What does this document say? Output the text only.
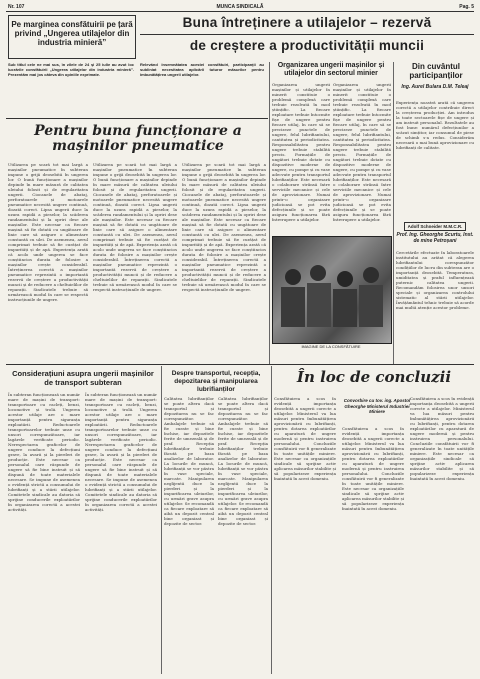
Nr. 107	MUNCA SINDICALĂ	Pag. 5
Pe marginea consfătuirii pe țară privind „Ungerea utilajelor din industria minieră”
Buna întreținere a utilajelor – rezervă
de creștere a productivității muncii
Sub titlul cele ne mai sus, în zilele de 24 și 25 iulie au avut loc lucrările consfătuirii „Ungerea utilajelor din industria minieră”. Prezentăm mai jos câteva din opiniile exprimate.
Relevând însemnătatea acestei consfătuiri, participanții au subliniat necesitatea aplicării tuturor măsurilor pentru îmbunătățirea ungerii utilajelor.
Pentru buna funcționare a mașinilor pneumatice
Utilizarea pe scară tot mai largă a mașinilor pneumatice în subteran impune o grijă deosebită în ungerea lor. O bună funcționare a mașinilor depinde în mare măsură de calitatea uleiului folosit și de regularitatea ungerii. Ciocanele de abataj, perforatoarele și motoarele pneumatice necesită ungere continuă, dozată corect. Lipsa ungerii duce la uzura rapidă a pieselor, la scăderea randamentului și la opriri dese ale mașinilor. Este necesar ca fiecare mașină să fie dotată cu ungătoare de linie care să asigure o alimentare constantă cu ulei. De asemenea, aerul comprimat trebuie să fie curățat de impurități și de apă. Experiența arată că acolo unde ungerea se face conștiincios durata de folosire a mașinilor crește considerabil. Întreținerea corectă a mașinilor pneumatice reprezintă o importantă rezervă de creștere a productivității muncii și de reducere a cheltuielilor de reparații. Sindicatele trebuie să urmărească modul în care se respectă instrucțiunile de ungere.
Utilizarea pe scară tot mai largă a mașinilor pneumatice în subteran impune o grijă deosebită în ungerea lor. O bună funcționare a mașinilor depinde în mare măsură de calitatea uleiului folosit și de regularitatea ungerii. Ciocanele de abataj, perforatoarele și motoarele pneumatice necesită ungere continuă, dozată corect. Lipsa ungerii duce la uzura rapidă a pieselor, la scăderea randamentului și la opriri dese ale mașinilor. Este necesar ca fiecare mașină să fie dotată cu ungătoare de linie care să asigure o alimentare constantă cu ulei. De asemenea, aerul comprimat trebuie să fie curățat de impurități și de apă. Experiența arată că acolo unde ungerea se face conștiincios durata de folosire a mașinilor crește considerabil. Întreținerea corectă a mașinilor pneumatice reprezintă o importantă rezervă de creștere a productivității muncii și de reducere a cheltuielilor de reparații. Sindicatele trebuie să urmărească modul în care se respectă instrucțiunile de ungere.
Utilizarea pe scară tot mai largă a mașinilor pneumatice în subteran impune o grijă deosebită în ungerea lor. O bună funcționare a mașinilor depinde în mare măsură de calitatea uleiului folosit și de regularitatea ungerii. Ciocanele de abataj, perforatoarele și motoarele pneumatice necesită ungere continuă, dozată corect. Lipsa ungerii duce la uzura rapidă a pieselor, la scăderea randamentului și la opriri dese ale mașinilor. Este necesar ca fiecare mașină să fie dotată cu ungătoare de linie care să asigure o alimentare constantă cu ulei. De asemenea, aerul comprimat trebuie să fie curățat de impurități și de apă. Experiența arată că acolo unde ungerea se face conștiincios durata de folosire a mașinilor crește considerabil. Întreținerea corectă a mașinilor pneumatice reprezintă o importantă rezervă de creștere a productivității muncii și de reducere a cheltuielilor de reparații. Sindicatele trebuie să urmărească modul în care se respectă instrucțiunile de ungere.
Considerațiuni asupra ungerii mașinilor de transport subteran
În subteran funcționează un număr mare de mașini de transport: transportoare cu racleți, benzi, locomotive și trolii. Ungerea acestor utilaje are o mare importanță pentru siguranța exploatării. Reductoarele transportoarelor trebuie unse cu unsori corespunzătoare, iar lagărele verificate periodic. Nerespectarea graficelor de ungere conduce la defecțiuni grave, la avarii și la pierderi de producție. Este necesar ca personalul care răspunde de ungere să fie bine instruit și să dispună de toate materialele necesare. Se impune de asemenea o evidență strictă a consumului de lubrifianți și a stării utilajelor. Comitetele sindicale au datoria să sprijine conducerile exploatărilor în organizarea corectă a acestei activități.
În subteran funcționează un număr mare de mașini de transport: transportoare cu racleți, benzi, locomotive și trolii. Ungerea acestor utilaje are o mare importanță pentru siguranța exploatării. Reductoarele transportoarelor trebuie unse cu unsori corespunzătoare, iar lagărele verificate periodic. Nerespectarea graficelor de ungere conduce la defecțiuni grave, la avarii și la pierderi de producție. Este necesar ca personalul care răspunde de ungere să fie bine instruit și să dispună de toate materialele necesare. Se impune de asemenea o evidență strictă a consumului de lubrifianți și a stării utilajelor. Comitetele sindicale au datoria să sprijine conducerile exploatărilor în organizarea corectă a acestei activități.
Organizarea ungerii mașinilor și utilajelor din sectorul minier
Organizarea ungerii mașinilor și utilajelor în minerit constituie o problemă complexă care trebuie rezolvată în mod științific. La fiecare exploatare trebuie întocmite fișe de ungere pentru fiecare utilaj, în care să se precizeze punctele de ungere, felul lubrifiantului, cantitatea și periodicitatea. Responsabilitatea pentru ungere trebuie stabilită precis. Formațiile de ungători trebuie dotate cu dispozitive moderne de ungere, cu pompe și cu vase adecvate pentru transportul lubrifianților. Este necesară o colaborare strânsă între serviciile mecanice și cele de aprovizionare. Numai printr-o organizare judicioasă se pot evita defecțiunile și se poate asigura funcționarea fără întrerupere a utilajelor.
Organizarea ungerii mașinilor și utilajelor în minerit constituie o problemă complexă care trebuie rezolvată în mod științific. La fiecare exploatare trebuie întocmite fișe de ungere pentru fiecare utilaj, în care să se precizeze punctele de ungere, felul lubrifiantului, cantitatea și periodicitatea. Responsabilitatea pentru ungere trebuie stabilită precis. Formațiile de ungători trebuie dotate cu dispozitive moderne de ungere, cu pompe și cu vase adecvate pentru transportul lubrifianților. Este necesară o colaborare strânsă între serviciile mecanice și cele de aprovizionare. Numai printr-o organizare judicioasă se pot evita defecțiunile și se poate asigura funcționarea fără întrerupere a utilajelor.
IMAGINE DE LA CONSFĂTUIRE
Din cuvântul participanților
Ing. Aurel Bulara D.M. Teleaj
Experiența noastră arată că ungerea corectă a utilajelor contribuie direct la creșterea producției. Am introdus la toate sectoarele fișe de ungere și am instruit personalul. Rezultatele au fost bune: numărul defecțiunilor a scăzut simțitor, iar consumul de piese de schimb s-a redus. Considerăm necesară o mai bună aprovizionare cu lubrifianți de calitate.
Adolf Schneider M.M.C.R.
Prof. Ing. Gheorghe Scurtu, Inst. de mine Petroșani
Cercetările efectuate în laboratoarele institutului au arătat că alegerea lubrifiantului corespunzător condițiilor de lucru din subteran are o importanță deosebită. Temperatura, umiditatea și praful influențează puternic calitatea ungerii. Recomandăm folosirea unor unsori speciale și organizarea controlului sistematic al stării utilajelor. Învățământul tehnic trebuie să acorde mai multă atenție acestor probleme.
Despre transportul, recepția, depozitarea și manipularea lubrifianților
Calitatea lubrifianților se poate altera dacă transportul și depozitarea nu se fac corespunzător. Ambalajele trebuie să fie curate și bine închise, iar depozitele ferite de umezeală și de praf. Recepția lubrifianților trebuie făcută pe baza analizelor de laborator. La locurile de muncă, lubrifianții se vor păstra în vase speciale, marcate. Manipularea neglijentă duce la pierderi și la impurificarea uleiurilor, cu urmări grave asupra utilajelor. Se recomandă ca fiecare exploatare să aibă un depozit central bine organizat și depozite de sector.
Calitatea lubrifianților se poate altera dacă transportul și depozitarea nu se fac corespunzător. Ambalajele trebuie să fie curate și bine închise, iar depozitele ferite de umezeală și de praf. Recepția lubrifianților trebuie făcută pe baza analizelor de laborator. La locurile de muncă, lubrifianții se vor păstra în vase speciale, marcate. Manipularea neglijentă duce la pierderi și la impurificarea uleiurilor, cu urmări grave asupra utilajelor. Se recomandă ca fiecare exploatare să aibă un depozit central bine organizat și depozite de sector.
În loc de concluzii
Consfătuirea a scos în evidență importanța deosebită a ungerii corecte a utilajelor. Ministerul va lua măsuri pentru îmbunătățirea aprovizionării cu lubrifianți, pentru dotarea exploatărilor cu aparatură de ungere modernă și pentru instruirea personalului. Concluziile consfătuirii vor fi generalizate în toate unitățile miniere. Este necesar ca organizațiile sindicale să sprijine activ aplicarea măsurilor stabilite și să popularizeze experiența înaintată în acest domeniu.
Convorbire cu tov. ing. Apostol Gheorghe Ministerul Industriei Miniere
Consfătuirea a scos în evidență importanța deosebită a ungerii corecte a utilajelor. Ministerul va lua măsuri pentru îmbunătățirea aprovizionării cu lubrifianți, pentru dotarea exploatărilor cu aparatură de ungere modernă și pentru instruirea personalului. Concluziile consfătuirii vor fi generalizate în toate unitățile miniere. Este necesar ca organizațiile sindicale să sprijine activ aplicarea măsurilor stabilite și să popularizeze experiența înaintată în acest domeniu.
Consfătuirea a scos în evidență importanța deosebită a ungerii corecte a utilajelor. Ministerul va lua măsuri pentru îmbunătățirea aprovizionării cu lubrifianți, pentru dotarea exploatărilor cu aparatură de ungere modernă și pentru instruirea personalului. Concluziile consfătuirii vor fi generalizate în toate unitățile miniere. Este necesar ca organizațiile sindicale să sprijine activ aplicarea măsurilor stabilite și să popularizeze experiența înaintată în acest domeniu.
